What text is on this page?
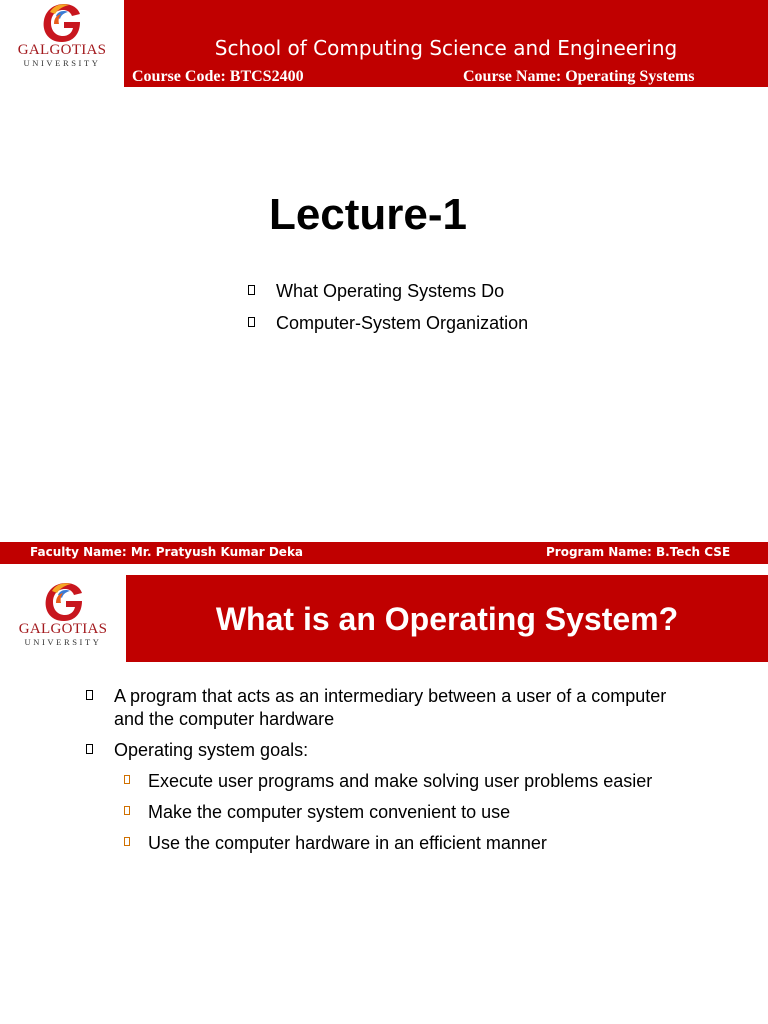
GALGOTIAS
UNIVERSITY
School of Computing Science and Engineering
Course Code: BTCS2400	Course Name: Operating Systems
Lecture-1
What Operating Systems Do
Computer-System Organization
Faculty Name: Mr. Pratyush Kumar Deka	Program Name: B.Tech CSE
GALGOTIAS
UNIVERSITY
What is an Operating System?
A program that acts as an intermediary between a user of a computer and the computer hardware
Operating system goals:
Execute user programs and make solving user problems easier
Make the computer system convenient to use
Use the computer hardware in an efficient manner
